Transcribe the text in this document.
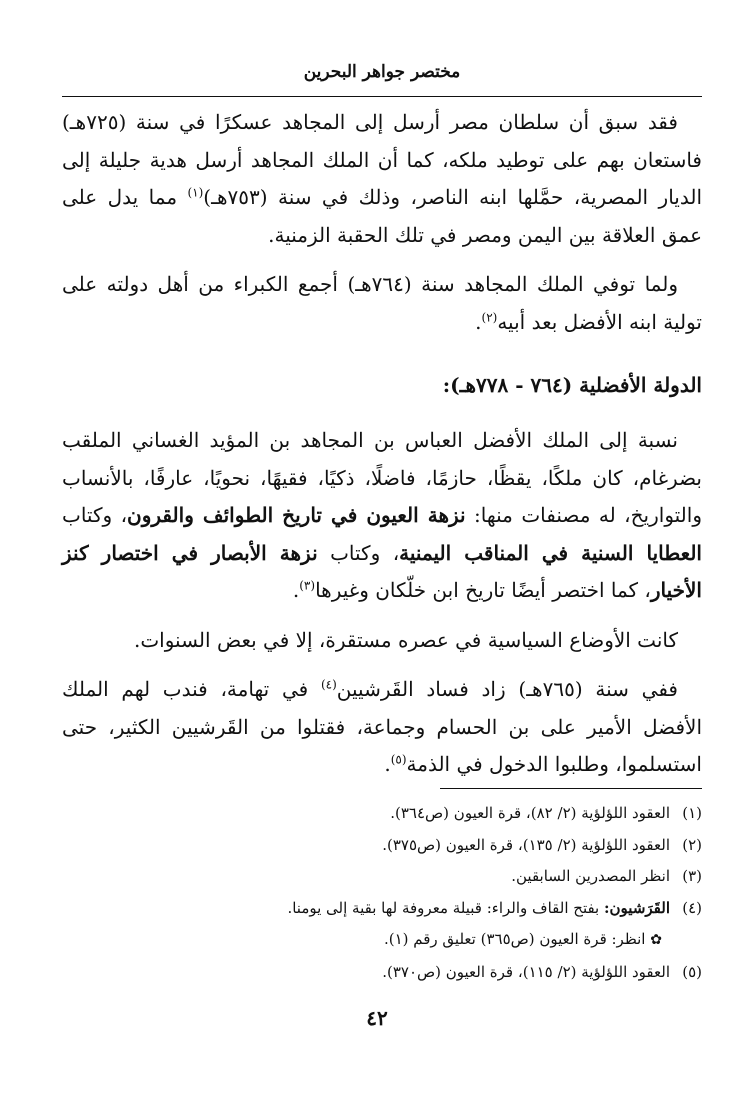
مختصر جواهر البحرين

فقد سبق أن سلطان مصر أرسل إلى المجاهد عسكرًا في سنة (٧٢٥هـ) فاستعان بهم على توطيد ملكه، كما أن الملك المجاهد أرسل هدية جليلة إلى الديار المصرية، حمَّلها ابنه الناصر، وذلك في سنة (٧٥٣هـ)$^{(١)}$ مما يدل على عمق العلاقة بين اليمن ومصر في تلك الحقبة الزمنية.

ولما توفي الملك المجاهد سنة (٧٦٤هـ) أجمع الكبراء من أهل دولته على تولية ابنه الأفضل بعد أبيه$^{(٢)}$.

الدولة الأفضلية (٧٦٤ - ٧٧٨هـ):

نسبة إلى الملك الأفضل العباس بن المجاهد بن المؤيد الغساني الملقب بضرغام، كان ملكًا، يقظًا، حازمًا، فاضلًا، ذكيًا، فقيهًا، نحويًا، عارفًا، بالأنساب والتواريخ، له مصنفات منها: نزهة العيون في تاريخ الطوائف والقرون، وكتاب العطايا السنية في المناقب اليمنية، وكتاب نزهة الأبصار في اختصار كنز الأخيار، كما اختصر أيضًا تاريخ ابن خلّكان وغيرها$^{(٣)}$.

كانت الأوضاع السياسية في عصره مستقرة، إلا في بعض السنوات.

ففي سنة (٧٦٥هـ) زاد فساد القَرشيين$^{(٤)}$ في تهامة، فندب لهم الملك الأفضل الأمير على بن الحسام وجماعة، فقتلوا من القَرشيين الكثير، حتى استسلموا، وطلبوا الدخول في الذمة$^{(٥)}$.

(١)العقود اللؤلؤية (٢/ ٨٢)، قرة العيون (ص٣٦٤).

(٢)العقود اللؤلؤية (٢/ ١٣٥)، قرة العيون (ص٣٧٥).

(٣)انظر المصدرين السابقين.

(٤)القَرَشيون: بفتح القاف والراء: قبيلة معروفة لها بقية إلى يومنا.

✿ انظر: قرة العيون (ص٣٦٥) تعليق رقم (١).

(٥)العقود اللؤلؤية (٢/ ١١٥)، قرة العيون (ص٣٧٠).

٤٢
